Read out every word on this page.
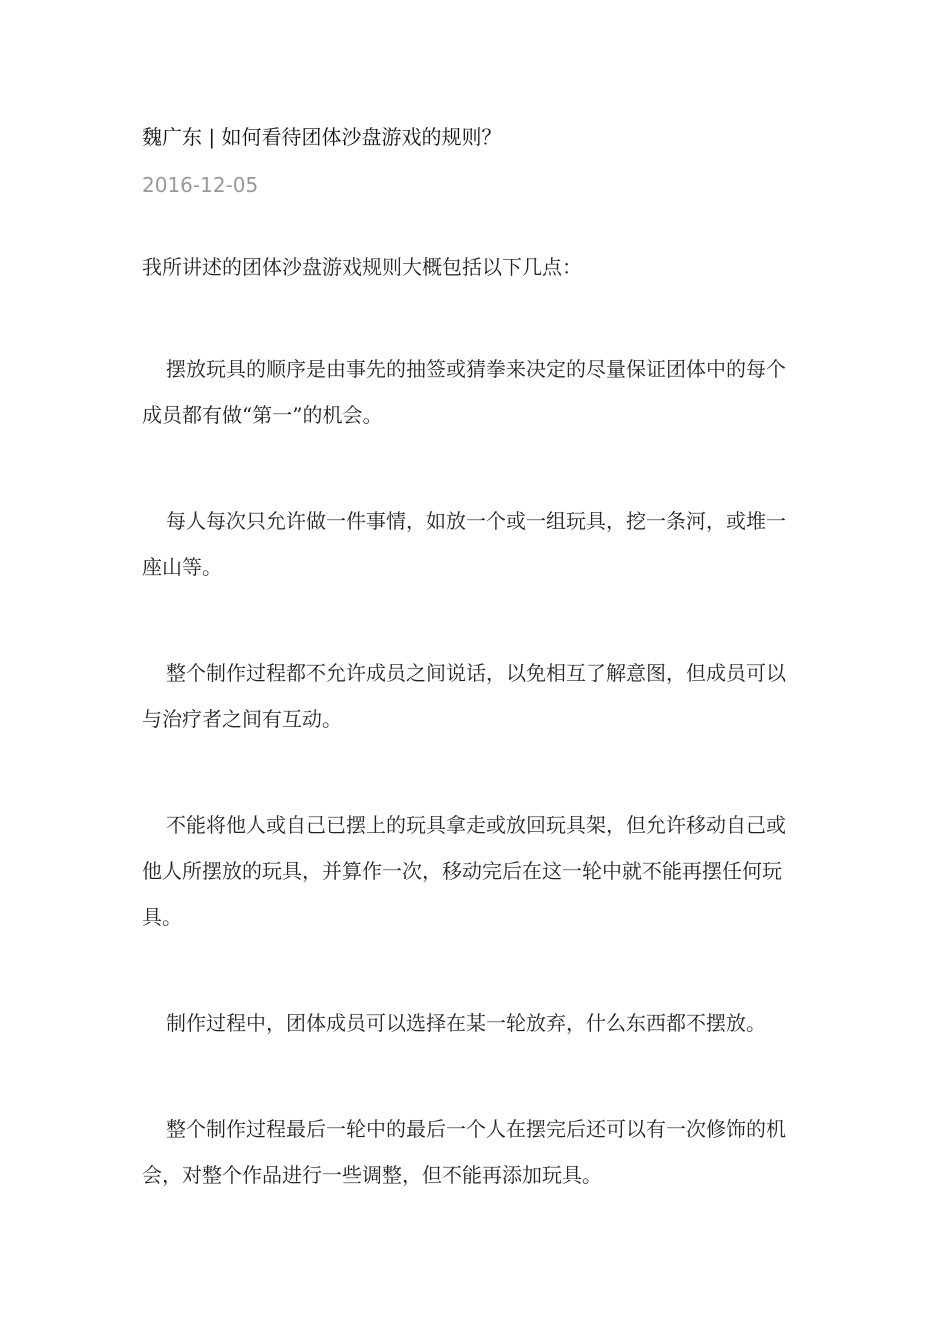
魏广东 | 如何看待团体沙盘游戏的规则？
2016-12-05

我所讲述的团体沙盘游戏规则大概包括以下几点：

摆放玩具的顺序是由事先的抽签或猜拳来决定的尽量保证团体中的每个成员都有做“第一”的机会。

每人每次只允许做一件事情，如放一个或一组玩具，挖一条河，或堆一座山等。

整个制作过程都不允许成员之间说话，以免相互了解意图，但成员可以与治疗者之间有互动。

不能将他人或自己已摆上的玩具拿走或放回玩具架，但允许移动自己或他人所摆放的玩具，并算作一次，移动完后在这一轮中就不能再摆任何玩具。

制作过程中，团体成员可以选择在某一轮放弃，什么东西都不摆放。

整个制作过程最后一轮中的最后一个人在摆完后还可以有一次修饰的机会，对整个作品进行一些调整，但不能再添加玩具。
